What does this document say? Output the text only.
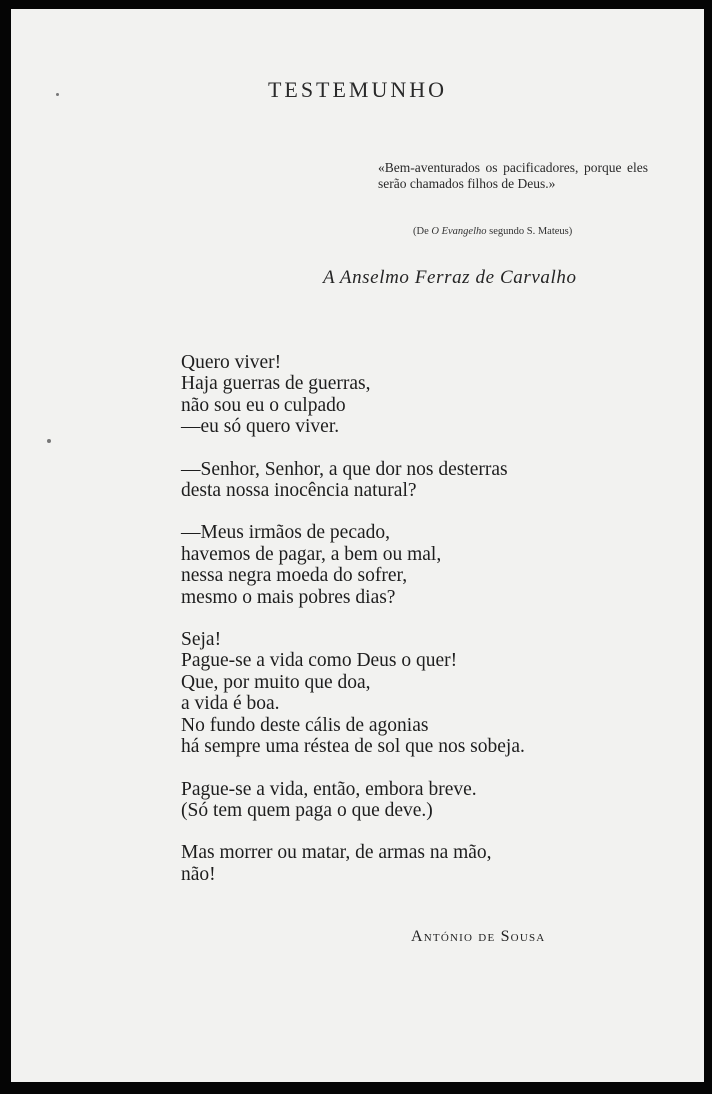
TESTEMUNHO
«Bem-aventurados os pacificadores, porque eles serão chamados filhos de Deus.»
(De O Evangelho segundo S. Mateus)
A Anselmo Ferraz de Carvalho
Quero viver!
Haja guerras de guerras,
não sou eu o culpado
—eu só quero viver.
—Senhor, Senhor, a que dor nos desterras
desta nossa inocência natural?
—Meus irmãos de pecado,
havemos de pagar, a bem ou mal,
nessa negra moeda do sofrer,
mesmo o mais pobres dias?
Seja!
Pague-se a vida como Deus o quer!
Que, por muito que doa,
a vida é boa.
No fundo deste cális de agonias
há sempre uma réstea de sol que nos sobeja.
Pague-se a vida, então, embora breve.
(Só tem quem paga o que deve.)
Mas morrer ou matar, de armas na mão,
não!
António de Sousa
